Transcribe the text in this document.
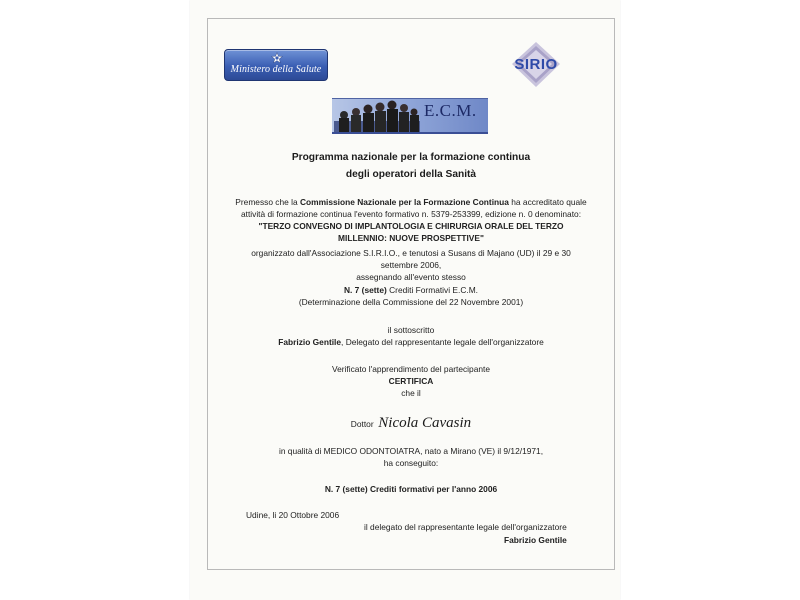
Ministero della Salute	SIRIO
E.C.M.
Programma nazionale per la formazione continua
degli operatori della Sanità
Premesso che la Commissione Nazionale per la Formazione Continua ha accreditato quale
attività di formazione continua l'evento formativo n. 5379-253399, edizione n. 0 denominato:
"TERZO CONVEGNO DI IMPLANTOLOGIA E CHIRURGIA ORALE DEL TERZO
MILLENNIO: NUOVE PROSPETTIVE"
organizzato dall'Associazione S.I.R.I.O., e tenutosi a Susans di Majano (UD) il 29 e 30
settembre 2006,
assegnando all'evento stesso
N. 7 (sette) Crediti Formativi E.C.M.
(Determinazione della Commissione del 22 Novembre 2001)
il sottoscritto
Fabrizio Gentile, Delegato del rappresentante legale dell'organizzatore
Verificato l'apprendimento del partecipante
CERTIFICA
che il
Dottor Nicola Cavasin
in qualità di MEDICO ODONTOIATRA, nato a Mirano (VE) il 9/12/1971,
ha conseguito:
N. 7 (sette) Crediti formativi per l'anno 2006
Udine, li 20 Ottobre 2006
il delegato del rappresentante legale dell'organizzatore
Fabrizio Gentile
